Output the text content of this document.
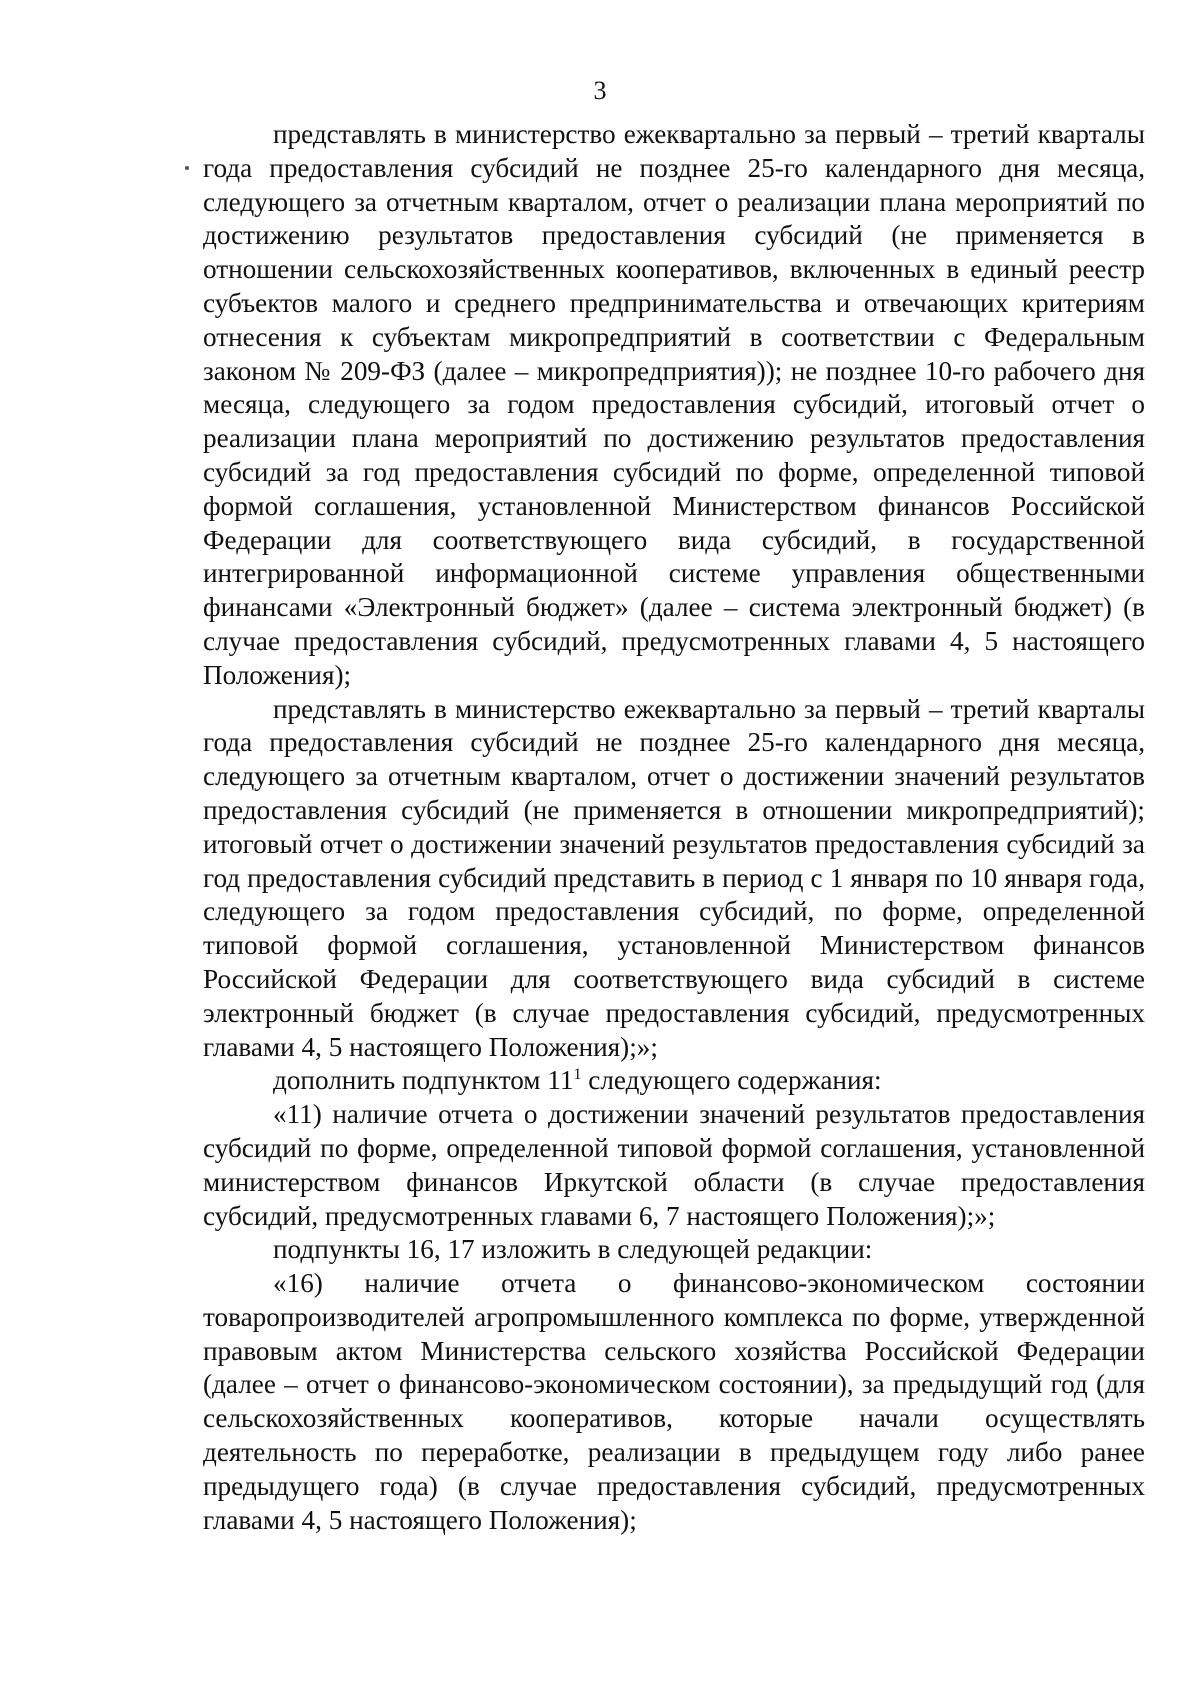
3

представлять в министерство ежеквартально за первый – третий кварталы года предоставления субсидий не позднее 25-го календарного дня месяца, следующего за отчетным кварталом, отчет о реализации плана мероприятий по достижению результатов предоставления субсидий (не применяется в отношении сельскохозяйственных кооперативов, включенных в единый реестр субъектов малого и среднего предпринимательства и отвечающих критериям отнесения к субъектам микропредприятий в соответствии с Федеральным законом № 209-ФЗ (далее – микропредприятия)); не позднее 10-го рабочего дня месяца, следующего за годом предоставления субсидий, итоговый отчет о реализации плана мероприятий по достижению результатов предоставления субсидий за год предоставления субсидий по форме, определенной типовой формой соглашения, установленной Министерством финансов Российской Федерации для соответствующего вида субсидий, в государственной интегрированной информационной системе управления общественными финансами «Электронный бюджет» (далее – система электронный бюджет) (в случае предоставления субсидий, предусмотренных главами 4, 5 настоящего Положения);

представлять в министерство ежеквартально за первый – третий кварталы года предоставления субсидий не позднее 25-го календарного дня месяца, следующего за отчетным кварталом, отчет о достижении значений результатов предоставления субсидий (не применяется в отношении микропредприятий); итоговый отчет о достижении значений результатов предоставления субсидий за год предоставления субсидий представить в период с 1 января по 10 января года, следующего за годом предоставления субсидий, по форме, определенной типовой формой соглашения, установленной Министерством финансов Российской Федерации для соответствующего вида субсидий в системе электронный бюджет (в случае предоставления субсидий, предусмотренных главами 4, 5 настоящего Положения);»;

дополнить подпунктом $11^1$ следующего содержания:

«11) наличие отчета о достижении значений результатов предоставления субсидий по форме, определенной типовой формой соглашения, установленной министерством финансов Иркутской области (в случае предоставления субсидий, предусмотренных главами 6, 7 настоящего Положения);»;

подпункты 16, 17 изложить в следующей редакции:

«16) наличие отчета о финансово-экономическом состоянии товаропроизводителей агропромышленного комплекса по форме, утвержденной правовым актом Министерства сельского хозяйства Российской Федерации (далее – отчет о финансово-экономическом состоянии), за предыдущий год (для сельскохозяйственных кооперативов, которые начали осуществлять деятельность по переработке, реализации в предыдущем году либо ранее предыдущего года) (в случае предоставления субсидий, предусмотренных главами 4, 5 настоящего Положения);
